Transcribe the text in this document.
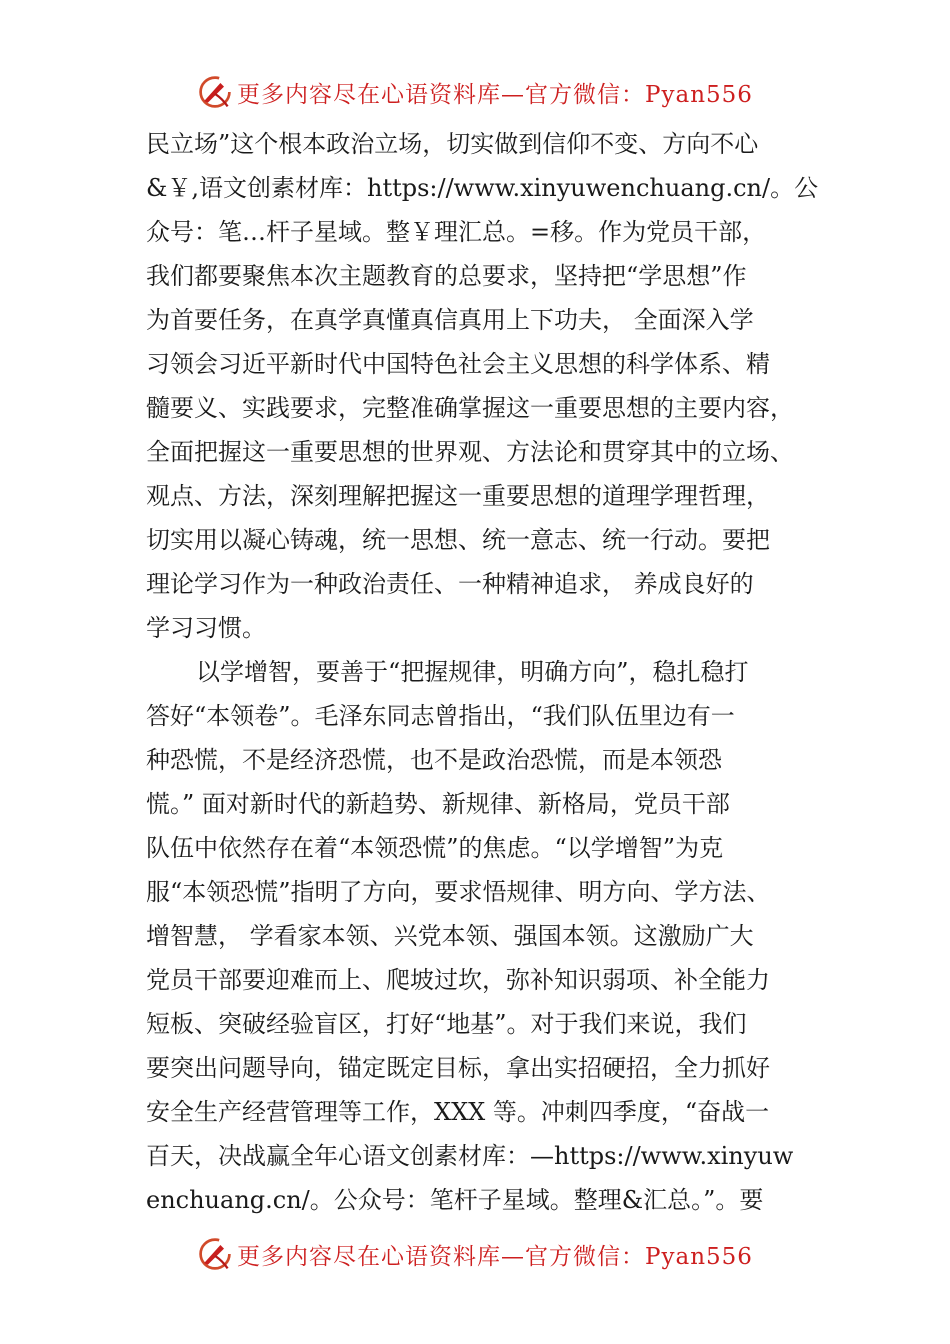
更多内容尽在心语资料库—官方微信：Pyan556
民立场”这个根本政治立场，切实做到信仰不变、方向不心
&￥,语文创素材库：https://www.xinyuwenchuang.cn/。公
众号：笔…杆子星域。整￥理汇总。=移。作为党员干部，
我们都要聚焦本次主题教育的总要求，坚持把“学思想”作
为首要任务，在真学真懂真信真用上下功夫， 全面深入学
习领会习近平新时代中国特色社会主义思想的科学体系、精
髓要义、实践要求，完整准确掌握这一重要思想的主要内容，
全面把握这一重要思想的世界观、方法论和贯穿其中的立场、
观点、方法，深刻理解把握这一重要思想的道理学理哲理，
切实用以凝心铸魂，统一思想、统一意志、统一行动。要把
理论学习作为一种政治责任、一种精神追求， 养成良好的
学习习惯。
以学增智，要善于“把握规律，明确方向”，稳扎稳打
答好“本领卷”。毛泽东同志曾指出，“我们队伍里边有一
种恐慌，不是经济恐慌，也不是政治恐慌，而是本领恐
慌。” 面对新时代的新趋势、新规律、新格局，党员干部
队伍中依然存在着“本领恐慌”的焦虑。“以学增智”为克
服“本领恐慌”指明了方向，要求悟规律、明方向、学方法、
增智慧， 学看家本领、兴党本领、强国本领。这激励广大
党员干部要迎难而上、爬坡过坎，弥补知识弱项、补全能力
短板、突破经验盲区，打好“地基”。对于我们来说，我们
要突出问题导向，锚定既定目标，拿出实招硬招，全力抓好
安全生产经营管理等工作，XXX 等。冲刺四季度，“奋战一
百天，决战赢全年心语文创素材库：—https://www.xinyuw
enchuang.cn/。公众号：笔杆子星域。整理&汇总。”。要
更多内容尽在心语资料库—官方微信：Pyan556
